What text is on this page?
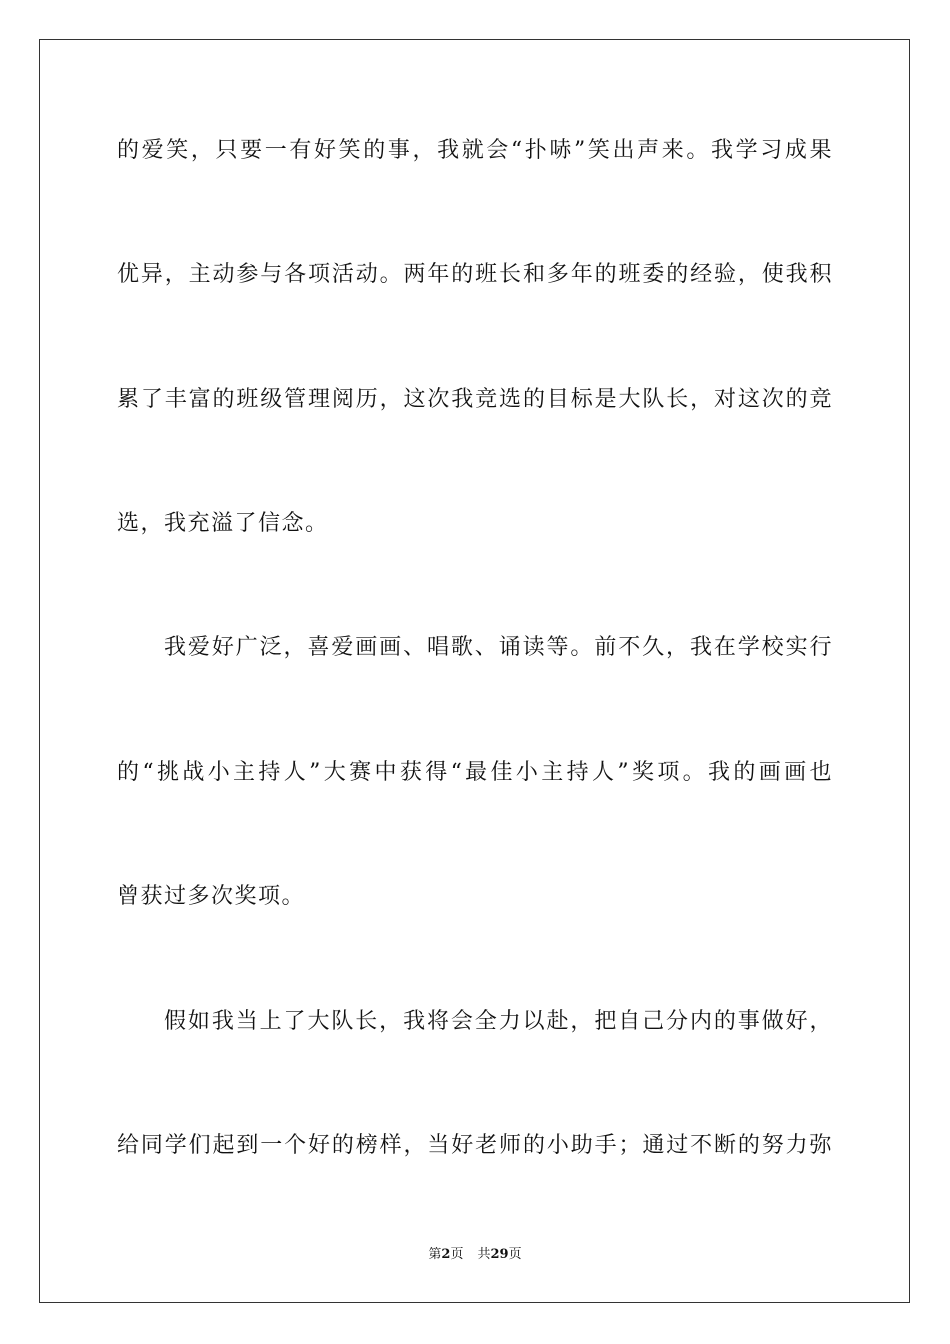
的爱笑，只要一有好笑的事，我就会“扑哧”笑出声来。我学习成果
优异，主动参与各项活动。两年的班长和多年的班委的经验，使我积
累了丰富的班级管理阅历，这次我竞选的目标是大队长，对这次的竞
选，我充溢了信念。
我爱好广泛，喜爱画画、唱歌、诵读等。前不久，我在学校实行
的“挑战小主持人”大赛中获得“最佳小主持人”奖项。我的画画也
曾获过多次奖项。
假如我当上了大队长，我将会全力以赴，把自己分内的事做好，
给同学们起到一个好的榜样，当好老师的小助手；通过不断的努力弥
第2页 共29页
